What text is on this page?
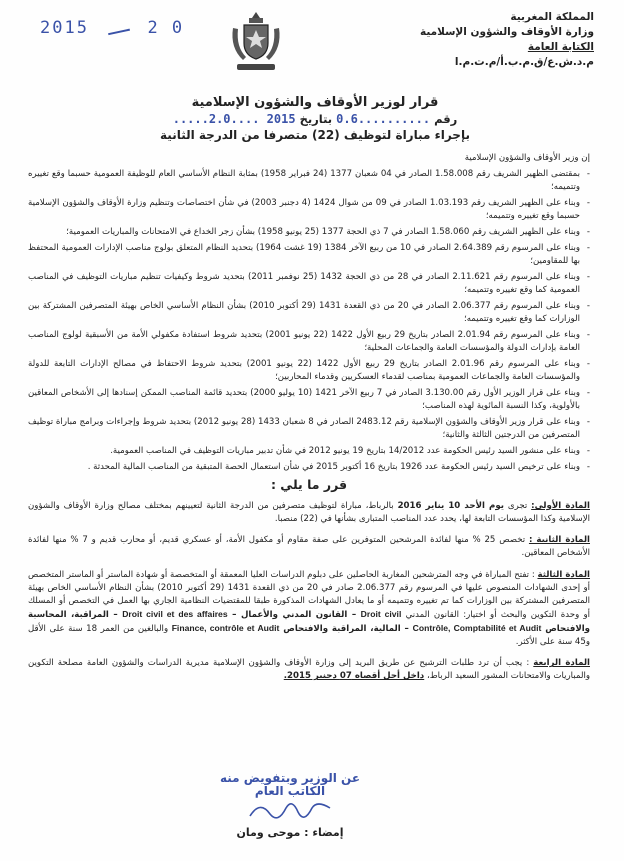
2015	2 0
المملكة المغربية
وزارة الأوقاف والشؤون الإسلامية
الكتابة العامة
م.د.ش.ع/ق.م.ب.أ/م.ت.م.ا
قرار لوزير الأوقاف والشؤون الإسلامية
رقم ..........0.6 بتاريخ 2015 ....2.0.....
بإجراء مباراة لتوظيف (22) متصرفا من الدرجة الثانية

إن وزير الأوقاف والشؤون الإسلامية

- بمقتضى الظهير الشريف رقم 1.58.008 الصادر في 04 شعبان 1377 (24 فبراير 1958) بمثابة النظام الأساسي العام للوظيفة العمومية حسبما وقع تغييره وتتميمه؛
- وبناء على الظهير الشريف رقم 1.03.193 الصادر في 09 من شوال 1424 (4 دجنبر 2003) في شأن اختصاصات وتنظيم وزارة الأوقاف والشؤون الإسلامية حسبما وقع تغييره وتتميمه؛
- وبناء على الظهير الشريف رقم 1.58.060 الصادر في 7 ذي الحجة 1377 (25 يونيو 1958) بشأن زجر الخداع في الامتحانات والمباريات العمومية؛
- وبناء على المرسوم رقم 2.64.389 الصادر في 10 من ربيع الآخر 1384 (19 غشت 1964) بتحديد النظام المتعلق بولوج مناصب الإدارات العمومية المحتفظ بها للمقاومين؛
- وبناء على المرسوم رقم 2.11.621 الصادر في 28 من ذي الحجة 1432 (25 نوفمبر 2011) بتحديد شروط وكيفيات تنظيم مباريات التوظيف في المناصب العمومية كما وقع تغييره وتتميمه؛
- وبناء على المرسوم رقم 2.06.377 الصادر في 20 من ذي القعدة 1431 (29 أكتوبر 2010) بشأن النظام الأساسي الخاص بهيئة المتصرفين المشتركة بين الوزارات كما وقع تغييره وتتميمه؛
- وبناء على المرسوم رقم 2.01.94 الصادر بتاريخ 29 ربيع الأول 1422 (22 يونيو 2001) بتحديد شروط استفادة مكفولي الأمة من الأسبقية لولوج المناصب العامة بإدارات الدولة والمؤسسات العامة والجماعات المحلية؛
- وبناء على المرسوم رقم 2.01.96 الصادر بتاريخ 29 ربيع الأول 1422 (22 يونيو 2001) بتحديد شروط الاحتفاظ في مصالح الإدارات التابعة للدولة والمؤسسات العامة والجماعات العمومية بمناصب لقدماء العسكريين وقدماء المحاربين؛
- وبناء على قرار الوزير الأول رقم 3.130.00 الصادر في 7 ربيع الآخر 1421 (10 يوليو 2000) بتحديد قائمة المناصب الممكن إسنادها إلى الأشخاص المعاقين بالأولوية، وكذا النسبة المائوية لهذه المناصب؛
- وبناء على قرار وزير الأوقاف والشؤون الإسلامية رقم 2483.12 الصادر في 8 شعبان 1433 (28 يونيو 2012) بتحديد شروط وإجراءات وبرامج مباراة توظيف المتصرفين من الدرجتين الثالثة والثانية؛
- وبناء على منشور السيد رئيس الحكومة عدد 14/2012 بتاريخ 19 يونيو 2012 في شأن تدبير مباريات التوظيف في المناصب العمومية.
- وبناء على ترخيص السيد رئيس الحكومة عدد 1926 بتاريخ 16 أكتوبر 2015 في شأن استعمال الحصة المتبقية من المناصب المالية المحدثة .
قرر ما يلي :

المادة الأولى: تجرى يوم الأحد 10 يناير 2016 بالرباط، مباراة لتوظيف متصرفين من الدرجة الثانية لتعيينهم بمختلف مصالح وزارة الأوقاف والشؤون الإسلامية وكذا المؤسسات التابعة لها، يحدد عدد المناصب المتبارى بشأنها في (22) منصبا.

المادة الثانية : تخصص 25 % منها لفائدة المرشحين المتوفرين على صفة مقاوم أو مكفول الأمة، أو عسكري قديم، أو محارب قديم و 7 % منها لفائدة الأشخاص المعاقين.

المادة الثالثة : تفتح المباراة في وجه المترشحين المغاربة الحاصلين على دبلوم الدراسات العليا المعمقة أو المتخصصة أو شهادة الماستر أو الماستر المتخصص أو إحدى الشهادات المنصوص عليها في المرسوم رقم 2.06.377 صادر في 20 من ذي القعدة 1431 (29 أكتوبر 2010) بشأن النظام الأساسي الخاص بهيئة المتصرفين المشتركة بين الوزارات كما تم تغييره وتتميمه أو ما يعادل الشهادات المذكورة طبقا للمقتضيات النظامية الجاري بها العمل في التخصص أو المسلك أو وحدة التكوين والبحث أو اختيار: القانون المدني Droit civil – القانون المدني والأعمال – Droit civil et des affaires – المراقبة، المحاسبة والافتحاص Contrôle, Comptabilité et Audit – المالية، المراقبة والافتحاص Finance, contrôle et Audit والبالغين من العمر 18 سنة على الأقل و45 سنة على الأكثر.

المادة الرابعة : يجب أن ترد طلبات الترشيح عن طريق البريد إلى وزارة الأوقاف والشؤون الإسلامية مديرية الدراسات والشؤون العامة مصلحة التكوين والمباريات والامتحانات المشور السعيد الرباط، داخل أجل أقصاه 07 دجنبر 2015.

عن الوزير وبتفويض منه
الكاتب العام
إمضاء : موحى ومان
